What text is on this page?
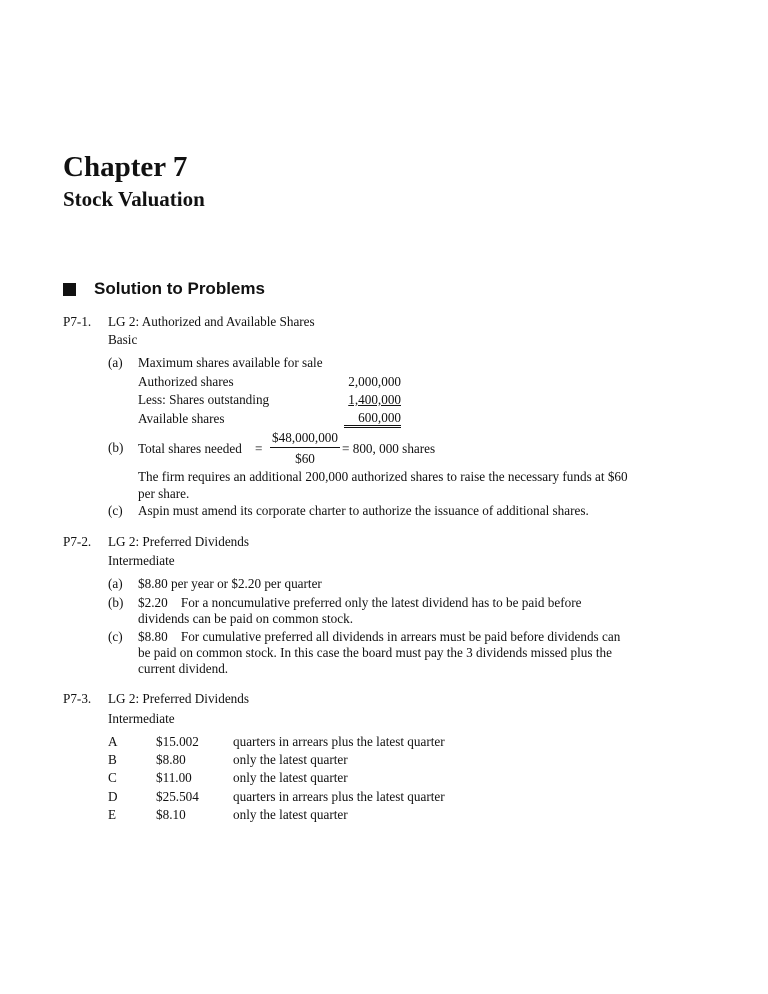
Chapter 7
Stock Valuation
Solution to Problems
P7-1. LG 2: Authorized and Available Shares
Basic
(a) Maximum shares available for sale
Authorized shares	2,000,000
Less: Shares outstanding	1,400,000
Available shares	600,000
(b) Total shares needed =
$48,000,000
$60
= 800, 000 shares
The firm requires an additional 200,000 authorized shares to raise the necessary funds at $60
per share.
(c) Aspin must amend its corporate charter to authorize the issuance of additional shares.
P7-2. LG 2: Preferred Dividends
Intermediate
(a) $8.80 per year or $2.20 per quarter
(b) $2.20    For a noncumulative preferred only the latest dividend has to be paid before
dividends can be paid on common stock.
(c) $8.80    For cumulative preferred all dividends in arrears must be paid before dividends can
be paid on common stock. In this case the board must pay the 3 dividends missed plus the
current dividend.
P7-3. LG 2: Preferred Dividends
Intermediate
A	$15.002	quarters in arrears plus the latest quarter
B	$8.80	only the latest quarter
C	$11.00	only the latest quarter
D	$25.504	quarters in arrears plus the latest quarter
E	$8.10	only the latest quarter
